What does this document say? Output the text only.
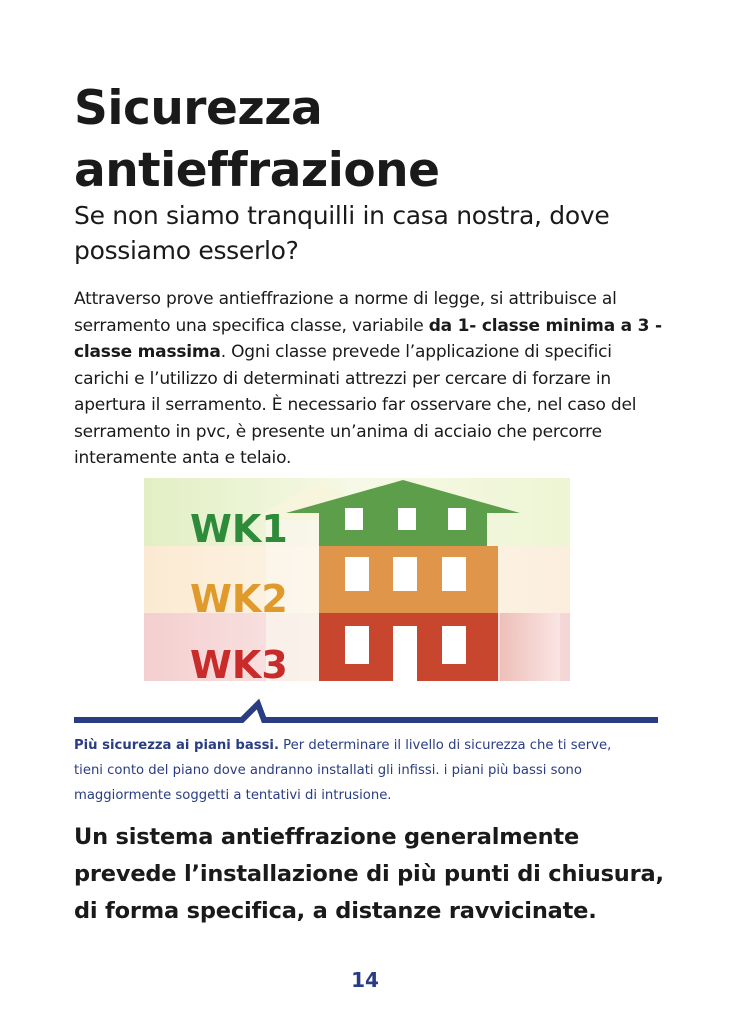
Sicurezza
antieffrazione

Se non siamo tranquilli in casa nostra, dove possiamo esserlo?

Attraverso prove antieffrazione a norme di legge, si attribuisce al serramento una specifica classe, variabile da 1- classe minima a 3 - classe massima. Ogni classe prevede l’applicazione di specifici carichi e l’utilizzo di determinati attrezzi per cercare di forzare in apertura il serramento. È necessario far osservare che, nel caso del serramento in pvc, è presente un’anima di acciaio che percorre interamente anta e telaio.

WK1
WK2
WK3

Più sicurezza ai piani bassi. Per determinare il livello di sicurezza che ti serve, tieni conto del piano dove andranno installati gli infissi. i piani più bassi sono maggiormente soggetti a tentativi di intrusione.

Un sistema antieffrazione generalmente prevede l’installazione di più punti di chiusura, di forma specifica, a distanze ravvicinate.

14
